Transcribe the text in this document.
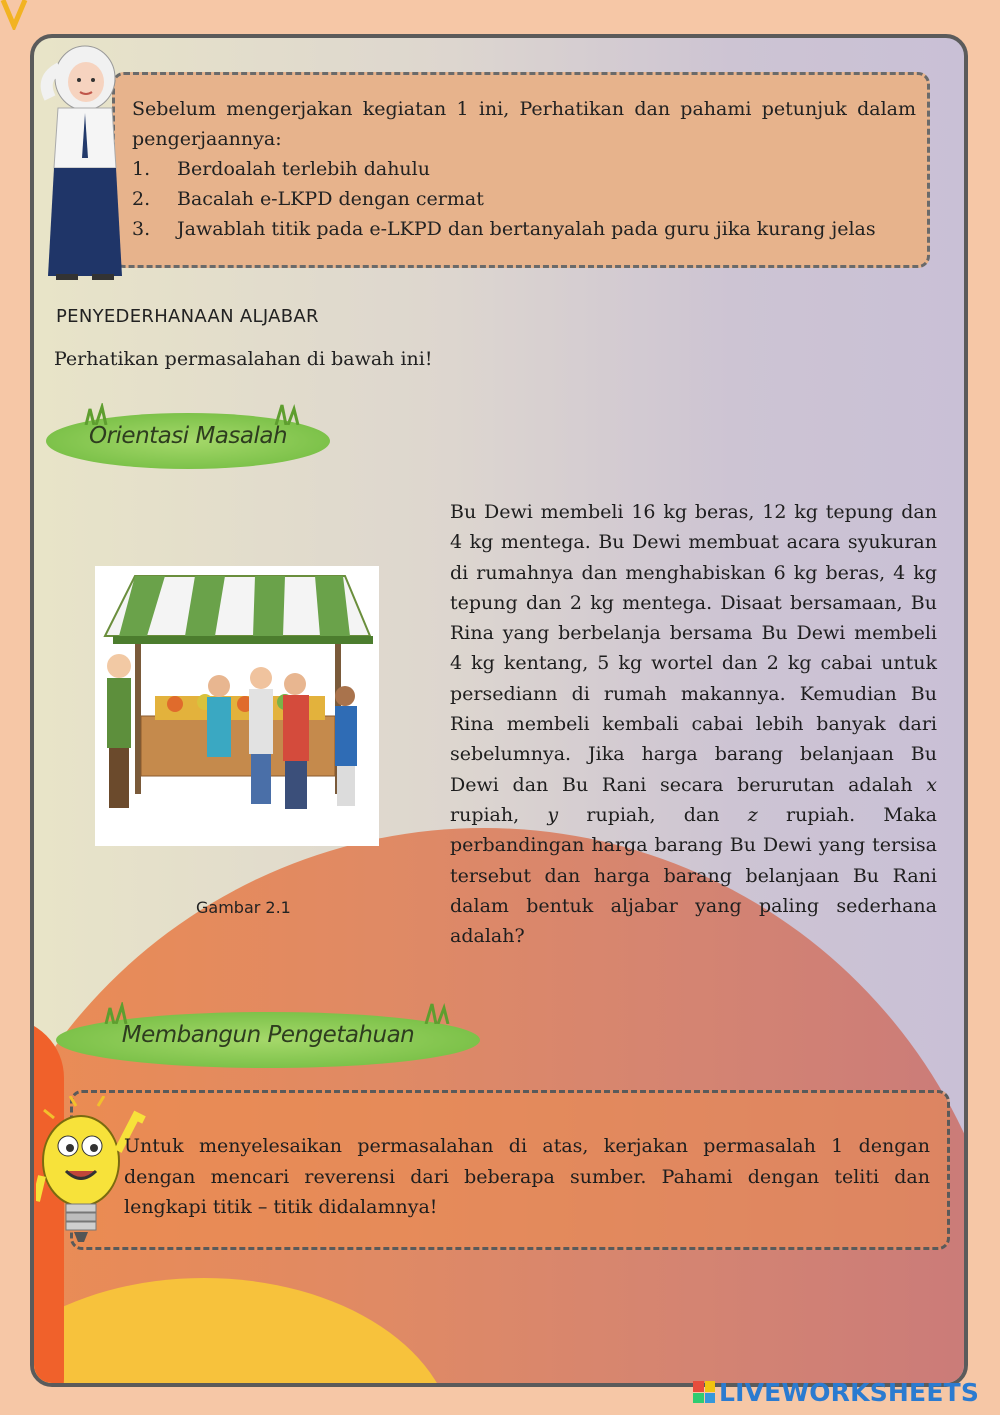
Sebelum mengerjakan kegiatan 1 ini, Perhatikan dan pahami petunjuk dalam pengerjaannya:
1.	Berdoalah terlebih dahulu
2.	Bacalah e-LKPD dengan cermat
3.	Jawablah titik pada e-LKPD dan bertanyalah pada guru jika kurang jelas
PENYEDERHANAAN ALJABAR
Perhatikan permasalahan di bawah ini!
Orientasi Masalah
Gambar 2.1
Bu Dewi membeli 16 kg beras, 12 kg tepung dan 4 kg mentega. Bu Dewi membuat acara syukuran di rumahnya dan menghabiskan 6 kg beras, 4 kg tepung dan 2 kg mentega. Disaat bersamaan, Bu Rina yang berbelanja bersama Bu Dewi membeli 4 kg kentang, 5 kg wortel dan 2 kg cabai untuk persediann di rumah makannya. Kemudian Bu Rina membeli kembali cabai lebih banyak dari sebelumnya. Jika harga barang belanjaan Bu Dewi dan Bu Rani secara berurutan adalah x rupiah, y rupiah, dan z rupiah. Maka perbandingan harga barang Bu Dewi yang tersisa tersebut dan harga barang belanjaan Bu Rani dalam bentuk aljabar yang paling sederhana adalah?
Membangun Pengetahuan
Untuk menyelesaikan permasalahan di atas, kerjakan permasalah 1 dengan dengan mencari reverensi dari beberapa sumber. Pahami dengan teliti dan lengkapi titik – titik didalamnya!
LIVEWORKSHEETS
